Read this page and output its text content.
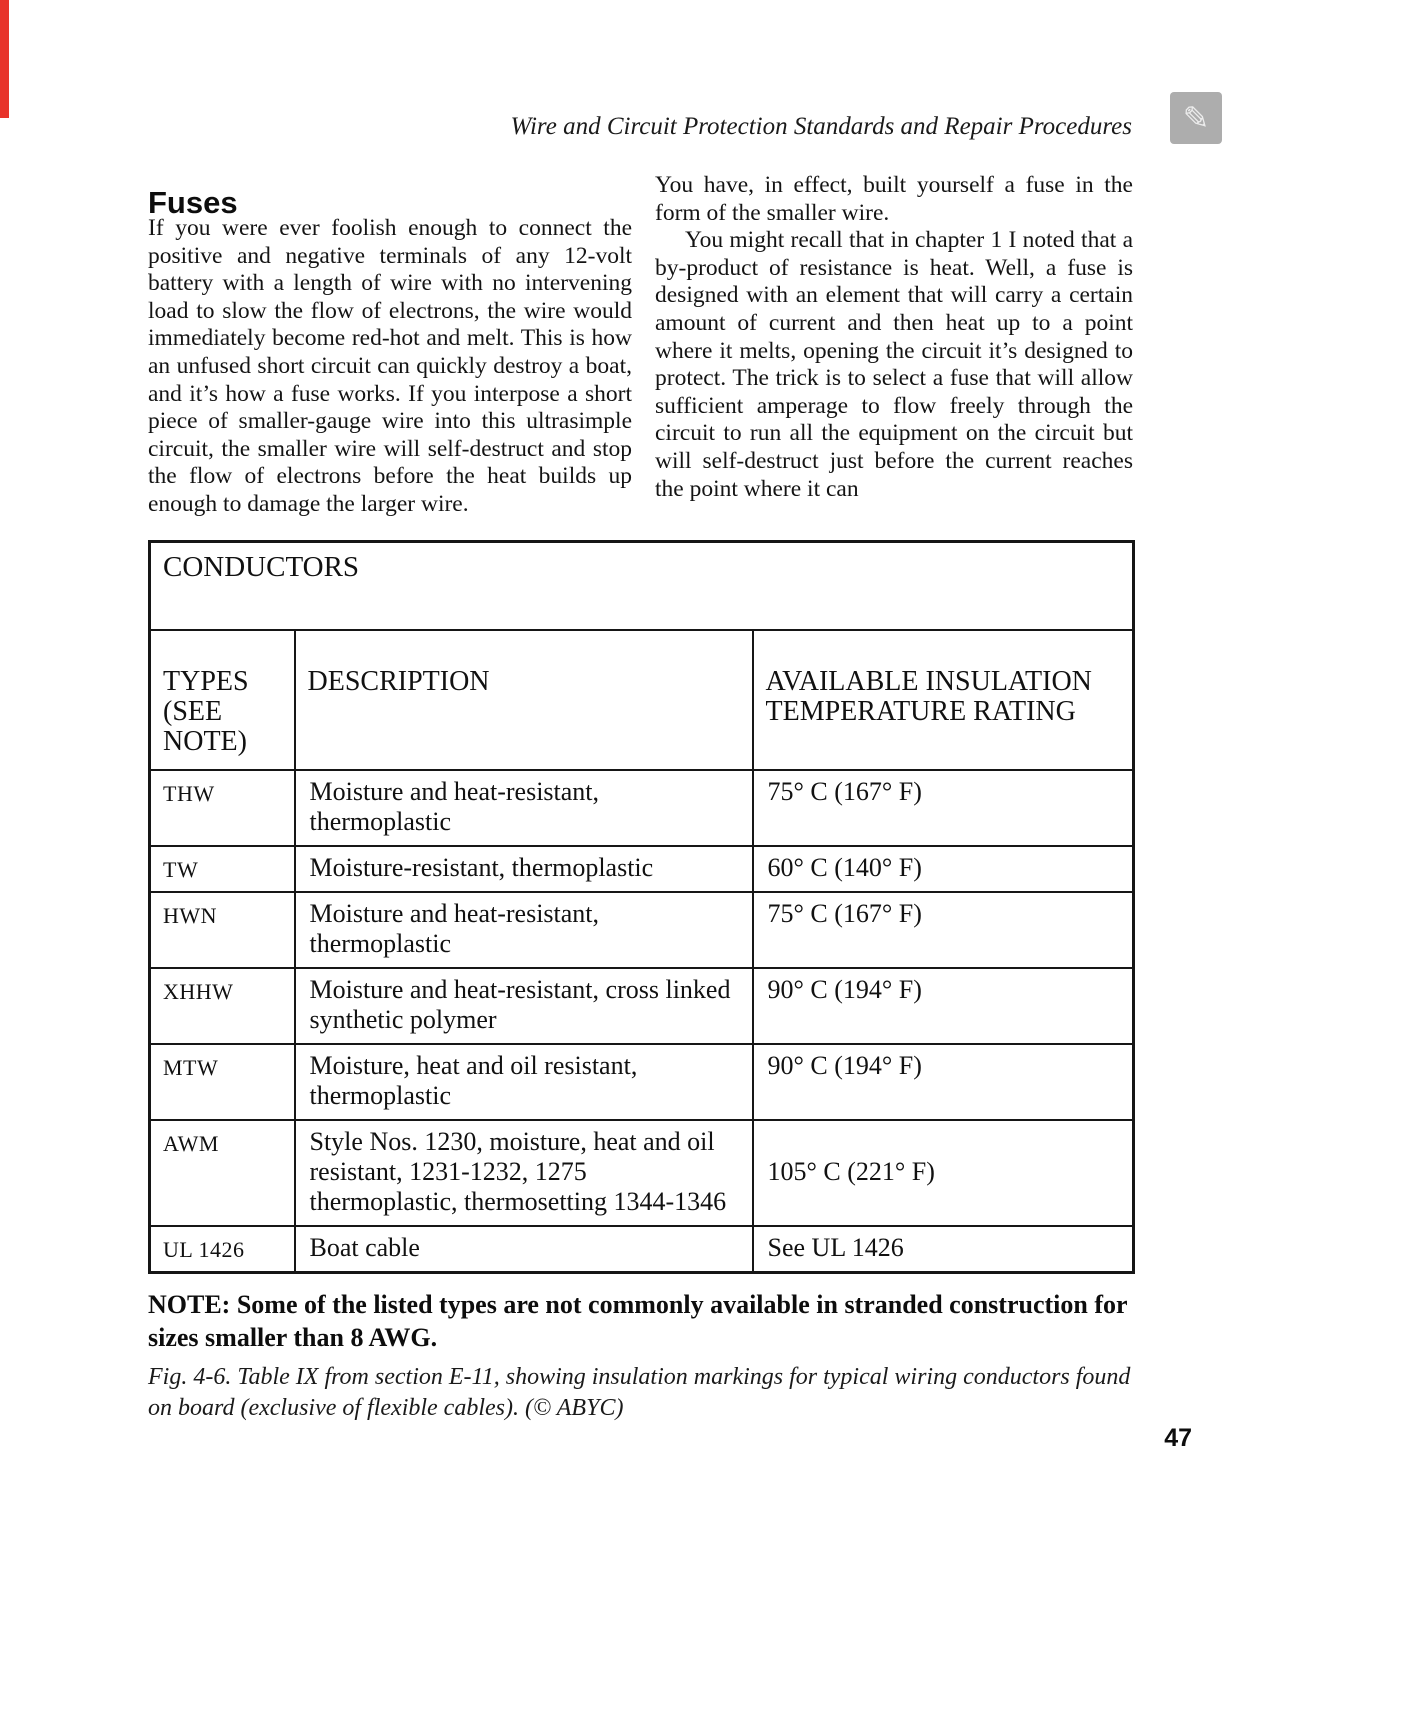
Wire and Circuit Protection Standards and Repair Procedures	✎
Fuses

If you were ever foolish enough to connect the positive and negative terminals of any 12-volt battery with a length of wire with no intervening load to slow the flow of electrons, the wire would immediately become red-hot and melt. This is how an unfused short circuit can quickly destroy a boat, and it’s how a fuse works. If you interpose a short piece of smaller-gauge wire into this ultrasimple circuit, the smaller wire will self-destruct and stop the flow of electrons before the heat builds up enough to damage the larger wire.

You have, in effect, built yourself a fuse in the form of the smaller wire.

You might recall that in chapter 1 I noted that a by-product of resistance is heat. Well, a fuse is designed with an element that will carry a certain amount of current and then heat up to a point where it melts, opening the circuit it’s designed to protect. The trick is to select a fuse that will allow sufficient amperage to flow freely through the circuit to run all the equipment on the circuit but will self-destruct just before the current reaches the point where it can

CONDUCTORS		
TYPES (SEE NOTE)	DESCRIPTION	AVAILABLE INSULATION TEMPERATURE RATING
THW	Moisture and heat-resistant, thermoplastic	75° C (167° F)
TW	Moisture-resistant, thermoplastic	60° C (140° F)
HWN	Moisture and heat-resistant, thermoplastic	75° C (167° F)
XHHW	Moisture and heat-resistant, cross linked synthetic polymer	90° C (194° F)
MTW	Moisture, heat and oil resistant, thermoplastic	90° C (194° F)
AWM	Style Nos. 1230, moisture, heat and oil resistant, 1231-1232, 1275 thermoplastic, thermosetting 1344-1346	105° C (221° F)
UL 1426	Boat cable	See UL 1426
NOTE: Some of the listed types are not commonly available in stranded construction for sizes smaller than 8 AWG.
Fig. 4-6. Table IX from section E-11, showing insulation markings for typical wiring conductors found on board (exclusive of flexible cables). (© ABYC)
47
